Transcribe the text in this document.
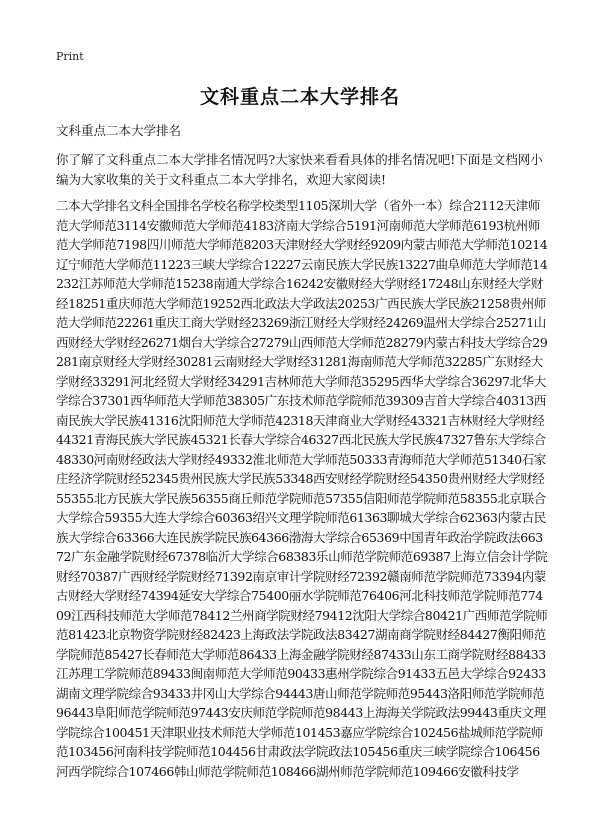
Print
文科重点二本大学排名
文科重点二本大学排名
你了解了文科重点二本大学排名情况吗?大家快来看看具体的排名情况吧!下面是文档网小编为大家收集的关于文科重点二本大学排名，欢迎大家阅读!
二本大学排名文科全国排名学校名称学校类型1105深圳大学（省外一本）综合2112天津师范大学师范3114安徽师范大学师范4183济南大学综合5191河南师范大学师范6193杭州师范大学师范7198四川师范大学师范8203天津财经大学财经9209内蒙古师范大学师范10214辽宁师范大学师范11223三峡大学综合12227云南民族大学民族13227曲阜师范大学师范14232江苏师范大学师范15238南通大学综合16242安徽财经大学财经17248山东财经大学财经18251重庆师范大学师范19252西北政法大学政法20253广西民族大学民族21258贵州师范大学师范22261重庆工商大学财经23269浙江财经大学财经24269温州大学综合25271山西财经大学财经26271烟台大学综合27279山西师范大学师范28279内蒙古科技大学综合29281南京财经大学财经30281云南财经大学财经31281海南师范大学师范32285广东财经大学财经33291河北经贸大学财经34291吉林师范大学师范35295西华大学综合36297北华大学综合37301西华师范大学师范38305广东技术师范学院师范39309吉首大学综合40313西南民族大学民族41316沈阳师范大学师范42318天津商业大学财经43321吉林财经大学财经44321青海民族大学民族45321长春大学综合46327西北民族大学民族47327鲁东大学综合48330河南财经政法大学财经49332淮北师范大学师范50333青海师范大学师范51340石家庄经济学院财经52345贵州民族大学民族53348西安财经学院财经54350贵州财经大学财经55355北方民族大学民族56355商丘师范学院师范57355信阳师范学院师范58355北京联合大学综合59355大连大学综合60363绍兴文理学院师范61363聊城大学综合62363内蒙古民族大学综合63366大连民族学院民族64366渤海大学综合65369中国青年政治学院政法66372广东金融学院财经67378临沂大学综合68383乐山师范学院师范69387上海立信会计学院财经70387广西财经学院财经71392南京审计学院财经72392赣南师范学院师范73394内蒙古财经大学财经74394延安大学综合75400丽水学院师范76406河北科技师范学院师范77409江西科技师范大学师范78412兰州商学院财经79412沈阳大学综合80421广西师范学院师范81423北京物资学院财经82423上海政法学院政法83427湖南商学院财经84427衡阳师范学院师范85427长春师范大学师范86433上海金融学院财经87433山东工商学院财经88433江苏理工学院师范89433闽南师范大学师范90433惠州学院综合91433五邑大学综合92433湖南文理学院综合93433井冈山大学综合94443唐山师范学院师范95443洛阳师范学院师范96443阜阳师范学院师范97443安庆师范学院师范98443上海海关学院政法99443重庆文理学院综合100451天津职业技术师范大学师范101453嘉应学院综合102456盐城师范学院师范103456河南科技学院师范104456甘肃政法学院政法105456重庆三峡学院综合106456河西学院综合107466韩山师范学院师范108466湖州师范学院师范109466安徽科技学
